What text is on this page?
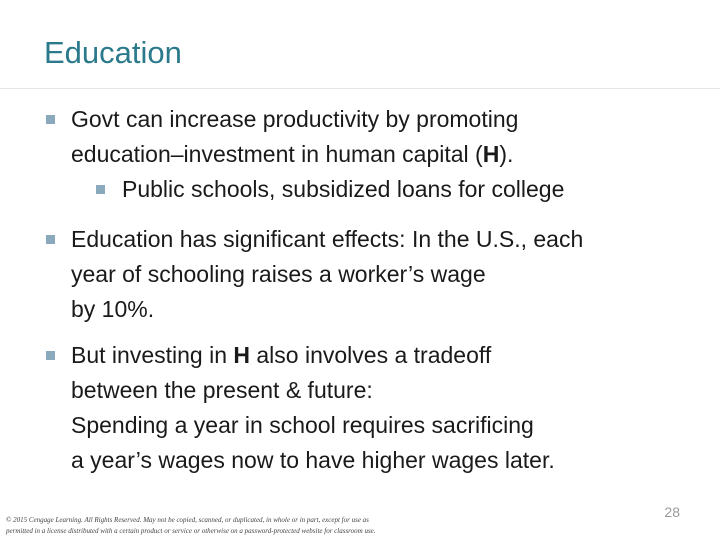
Education
Govt can increase productivity by promoting
education–investment in human capital (H).
Public schools, subsidized loans for college
Education has significant effects: In the U.S., each
year of schooling raises a worker’s wage
by 10%.
But investing in H also involves a tradeoff
between the present & future:
Spending a year in school requires sacrificing
a year’s wages now to have higher wages later.
© 2015 Cengage Learning. All Rights Reserved. May not be copied, scanned, or duplicated, in whole or in part, except for use as
permitted in a license distributed with a certain product or service or otherwise on a password-protected website for classroom use.
28
